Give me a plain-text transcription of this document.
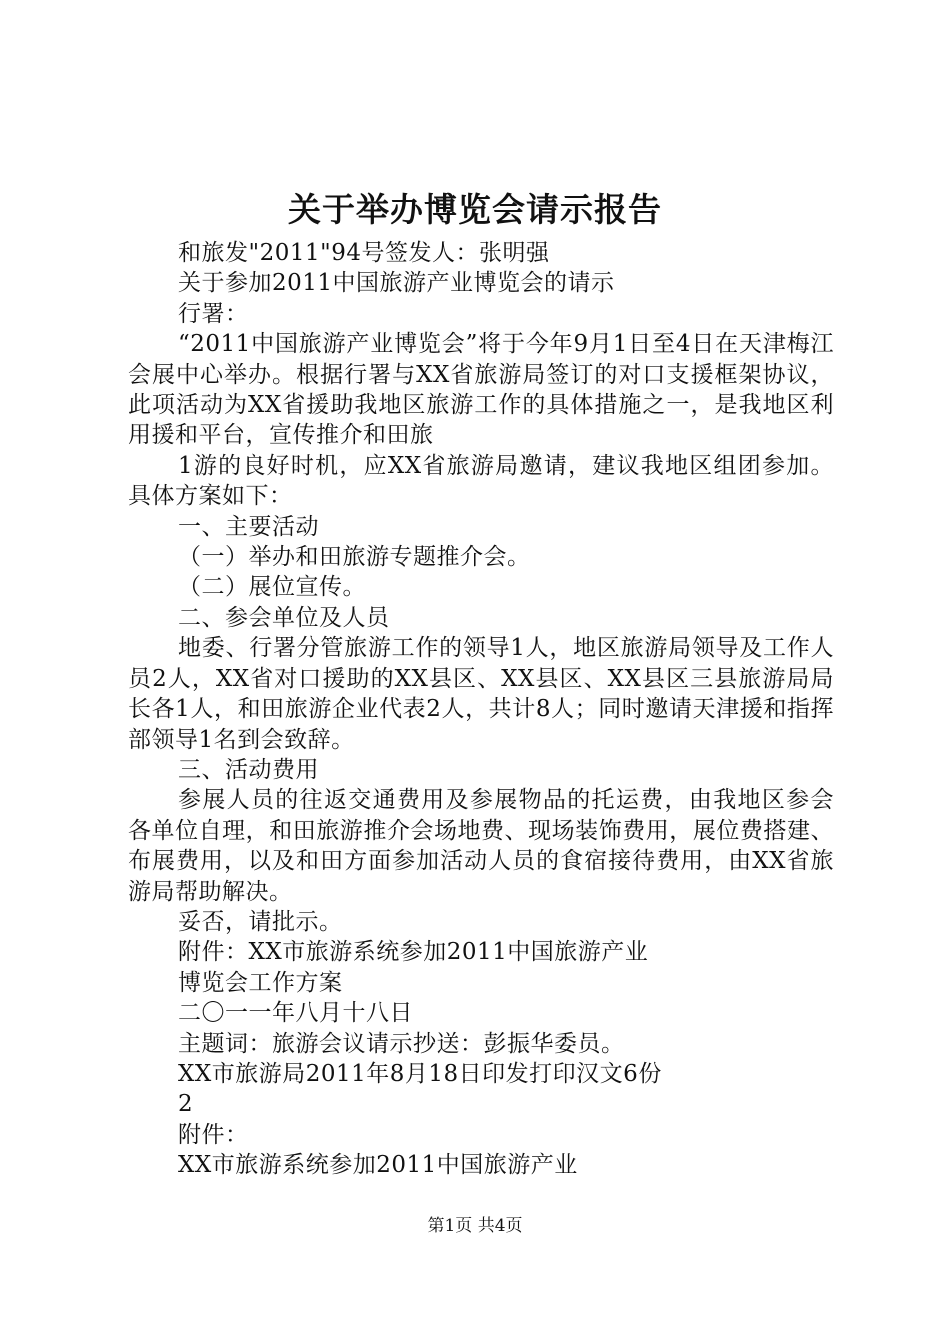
关于举办博览会请示报告

和旅发"2011"94号签发人：张明强

关于参加2011中国旅游产业博览会的请示

行署：

“2011中国旅游产业博览会”将于今年9月1日至4日在天津梅江会展中心举办。根据行署与XX省旅游局签订的对口支援框架协议，此项活动为XX省援助我地区旅游工作的具体措施之一，是我地区利用援和平台，宣传推介和田旅

1游的良好时机，应XX省旅游局邀请，建议我地区组团参加。具体方案如下：

一、主要活动

（一）举办和田旅游专题推介会。

（二）展位宣传。

二、参会单位及人员

地委、行署分管旅游工作的领导1人，地区旅游局领导及工作人员2人，XX省对口援助的XX县区、XX县区、XX县区三县旅游局局长各1人，和田旅游企业代表2人，共计8人；同时邀请天津援和指挥部领导1名到会致辞。

三、活动费用

参展人员的往返交通费用及参展物品的托运费，由我地区参会各单位自理，和田旅游推介会场地费、现场装饰费用，展位费搭建、布展费用，以及和田方面参加活动人员的食宿接待费用，由XX省旅游局帮助解决。

妥否，请批示。

附件：XX市旅游系统参加2011中国旅游产业

博览会工作方案

二〇一一年八月十八日

主题词：旅游会议请示抄送：彭振华委员。

XX市旅游局2011年8月18日印发打印汉文6份

2

附件：

XX市旅游系统参加2011中国旅游产业

第1页 共4页
